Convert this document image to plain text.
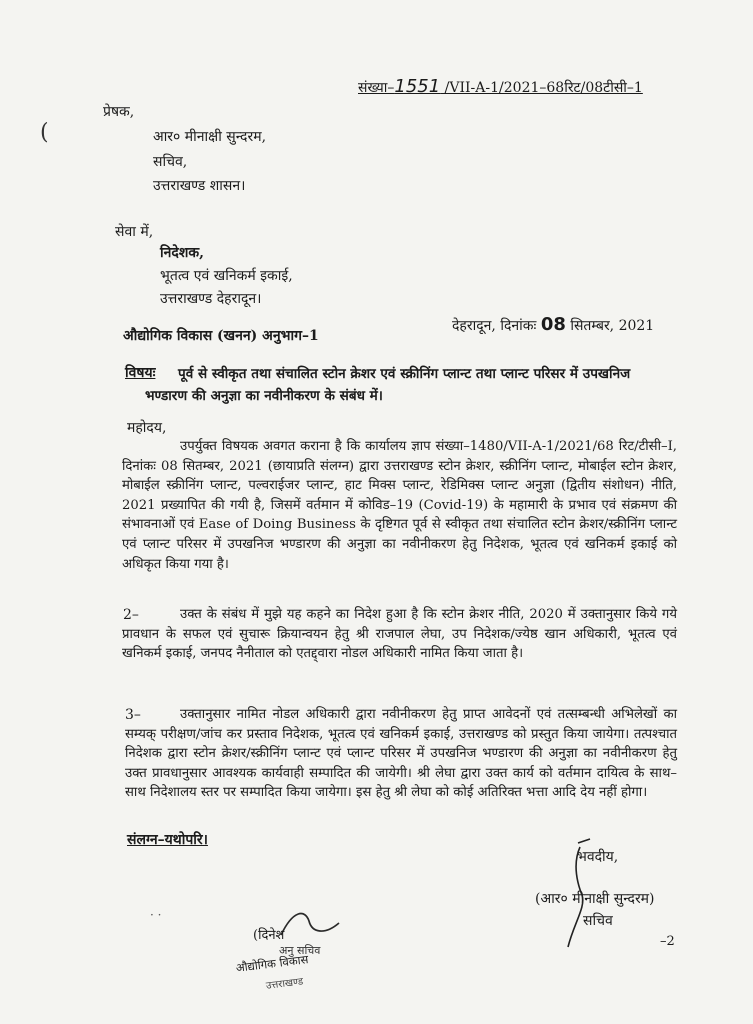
(
संख्या–1551 /VII-A-1/2021–68रिट/08टीसी–1
प्रेषक,
आर० मीनाक्षी सुन्दरम,
सचिव,
उत्तराखण्ड शासन।
सेवा में,
निदेशक,
भूतत्व एवं खनिकर्म इकाई,
उत्तराखण्ड देहरादून।
औद्योगिक विकास (खनन) अनुभाग–1
देहरादून, दिनांकः 08 सितम्बर, 2021
विषयः पूर्व से स्वीकृत तथा संचालित स्टोन क्रेशर एवं स्क्रीनिंग प्लान्ट तथा प्लान्ट परिसर में उपखनिज
भण्डारण की अनुज्ञा का नवीनीकरण के संबंध में।
महोदय,
उपर्युक्त विषयक अवगत कराना है कि कार्यालय ज्ञाप संख्या–1480/VII-A-1/2021/68 रिट/टीसी–I, दिनांकः 08 सितम्बर, 2021 (छायाप्रति संलग्न) द्वारा उत्तराखण्ड स्टोन क्रेशर, स्क्रीनिंग प्लान्ट, मोबाईल स्टोन क्रेशर, मोबाईल स्क्रीनिंग प्लान्ट, पल्वराईजर प्लान्ट, हाट मिक्स प्लान्ट, रेडिमिक्स प्लान्ट अनुज्ञा (द्वितीय संशोधन) नीति, 2021 प्रख्यापित की गयी है, जिसमें वर्तमान में कोविड–19 (Covid-19) के महामारी के प्रभाव एवं संक्रमण की संभावनाओं एवं Ease of Doing Business के दृष्टिगत पूर्व से स्वीकृत तथा संचालित स्टोन क्रेशर/स्क्रीनिंग प्लान्ट एवं प्लान्ट परिसर में उपखनिज भण्डारण की अनुज्ञा का नवीनीकरण हेतु निदेशक, भूतत्व एवं खनिकर्म इकाई को अधिकृत किया गया है।
2–	उक्त के संबंध में मुझे यह कहने का निदेश हुआ है कि स्टोन क्रेशर नीति, 2020 में उक्तानुसार किये गये प्रावधान के सफल एवं सुचारू क्रियान्वयन हेतु श्री राजपाल लेघा, उप निदेशक/ज्येष्ठ खान अधिकारी, भूतत्व एवं खनिकर्म इकाई, जनपद नैनीताल को एतद्द्वारा नोडल अधिकारी नामित किया जाता है।
3–	उक्तानुसार नामित नोडल अधिकारी द्वारा नवीनीकरण हेतु प्राप्त आवेदनों एवं तत्सम्बन्धी अभिलेखों का सम्यक् परीक्षण/जांच कर प्रस्ताव निदेशक, भूतत्व एवं खनिकर्म इकाई, उत्तराखण्ड को प्रस्तुत किया जायेगा। तत्पश्चात निदेशक द्वारा स्टोन क्रेशर/स्क्रीनिंग प्लान्ट एवं प्लान्ट परिसर में उपखनिज भण्डारण की अनुज्ञा का नवीनीकरण हेतु उक्त प्रावधानुसार आवश्यक कार्यवाही सम्पादित की जायेगी। श्री लेघा द्वारा उक्त कार्य को वर्तमान दायित्व के साथ–साथ निदेशालय स्तर पर सम्पादित किया जायेगा। इस हेतु श्री लेघा को कोई अतिरिक्त भत्ता आदि देय नहीं होगा।
संलग्न–यथोपरि।
भवदीय,
(आर० मीनाक्षी सुन्दरम)
सचिव
–2
· ·
(दिनेश
अनु सचिव
औद्योगिक विकास
उत्तराखण्ड
